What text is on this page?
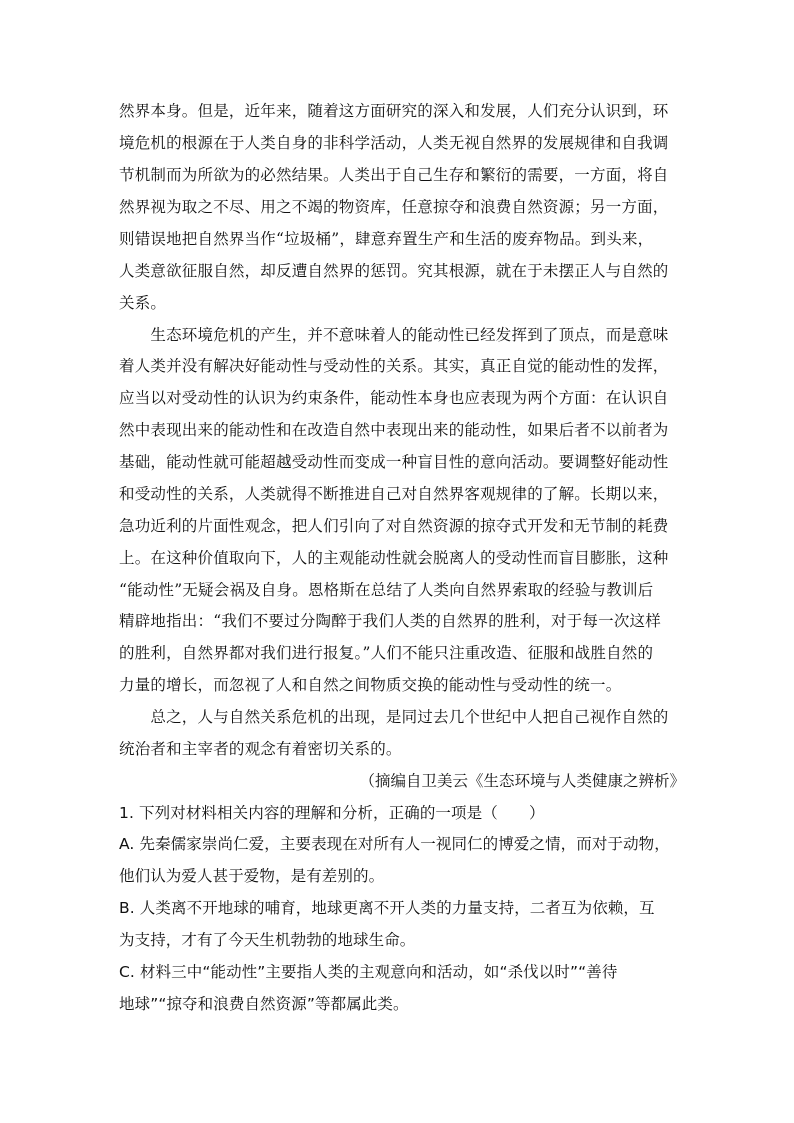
然界本身。但是，近年来，随着这方面研究的深入和发展，人们充分认识到，环
境危机的根源在于人类自身的非科学活动，人类无视自然界的发展规律和自我调
节机制而为所欲为的必然结果。人类出于自己生存和繁衍的需要，一方面，将自
然界视为取之不尽、用之不竭的物资库，任意掠夺和浪费自然资源；另一方面，
则错误地把自然界当作“垃圾桶”，肆意弃置生产和生活的废弃物品。到头来，
人类意欲征服自然，却反遭自然界的惩罚。究其根源，就在于未摆正人与自然的
关系。
　　生态环境危机的产生，并不意味着人的能动性已经发挥到了顶点，而是意味
着人类并没有解决好能动性与受动性的关系。其实，真正自觉的能动性的发挥，
应当以对受动性的认识为约束条件，能动性本身也应表现为两个方面：在认识自
然中表现出来的能动性和在改造自然中表现出来的能动性，如果后者不以前者为
基础，能动性就可能超越受动性而变成一种盲目性的意向活动。要调整好能动性
和受动性的关系，人类就得不断推进自己对自然界客观规律的了解。长期以来，
急功近利的片面性观念，把人们引向了对自然资源的掠夺式开发和无节制的耗费
上。在这种价值取向下，人的主观能动性就会脱离人的受动性而盲目膨胀，这种
“能动性”无疑会祸及自身。恩格斯在总结了人类向自然界索取的经验与教训后
精辟地指出：“我们不要过分陶醉于我们人类的自然界的胜利，对于每一次这样
的胜利，自然界都对我们进行报复。”人们不能只注重改造、征服和战胜自然的
力量的增长，而忽视了人和自然之间物质交换的能动性与受动性的统一。
　　总之，人与自然关系危机的出现，是同过去几个世纪中人把自己视作自然的
统治者和主宰者的观念有着密切关系的。
（摘编自卫美云《生态环境与人类健康之辨析》
1. 下列对材料相关内容的理解和分析，正确的一项是（　　）
A. 先秦儒家崇尚仁爱，主要表现在对所有人一视同仁的博爱之情，而对于动物，
他们认为爱人甚于爱物，是有差别的。
B. 人类离不开地球的哺育，地球更离不开人类的力量支持，二者互为依赖，互
为支持，才有了今天生机勃勃的地球生命。
C. 材料三中“能动性”主要指人类的主观意向和活动，如“杀伐以时”“善待
地球”“掠夺和浪费自然资源”等都属此类。
